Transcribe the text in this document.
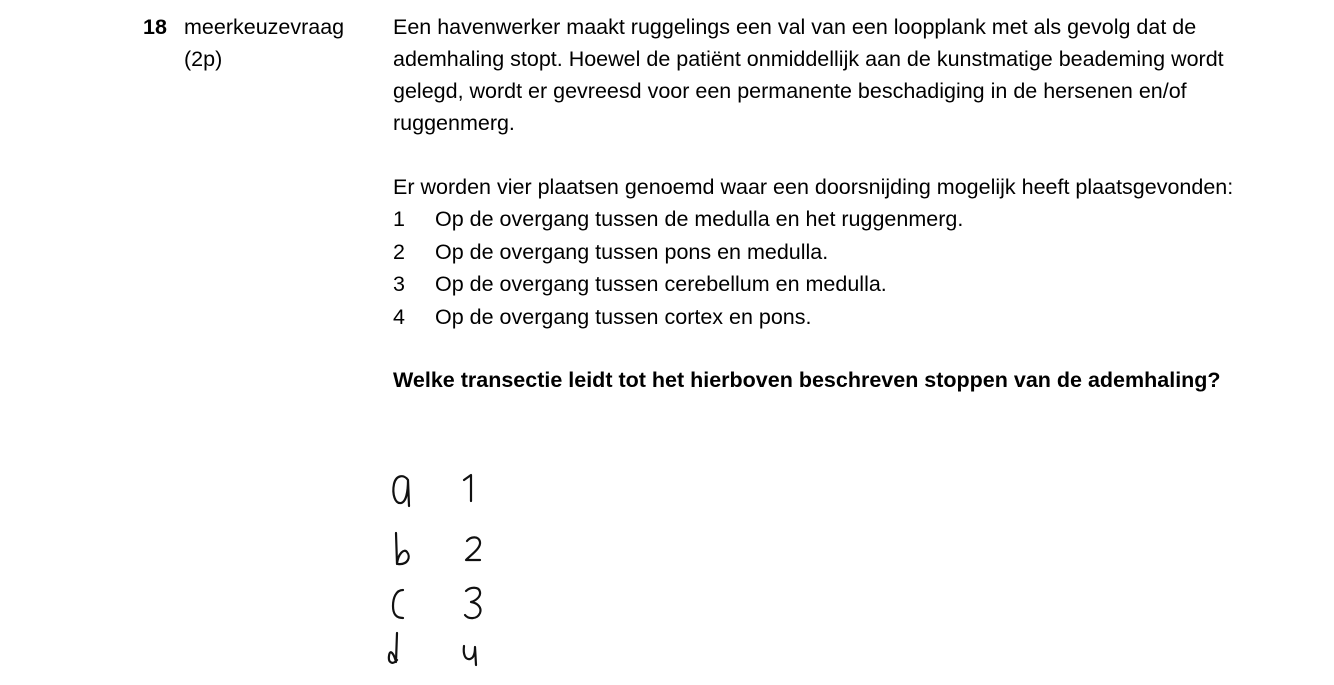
18 meerkeuzevraag
(2p)

Een havenwerker maakt ruggelings een val van een loopplank met als gevolg dat de ademhaling stopt. Hoewel de patiënt onmiddellijk aan de kunstmatige beademing wordt gelegd, wordt er gevreesd voor een permanente beschadiging in de hersenen en/of ruggenmerg.

Er worden vier plaatsen genoemd waar een doorsnijding mogelijk heeft plaatsgevonden:

1	Op de overgang tussen de medulla en het ruggenmerg.
2	Op de overgang tussen pons en medulla.
3	Op de overgang tussen cerebellum en medulla.
4	Op de overgang tussen cortex en pons.

Welke transectie leidt tot het hierboven beschreven stoppen van de ademhaling?
